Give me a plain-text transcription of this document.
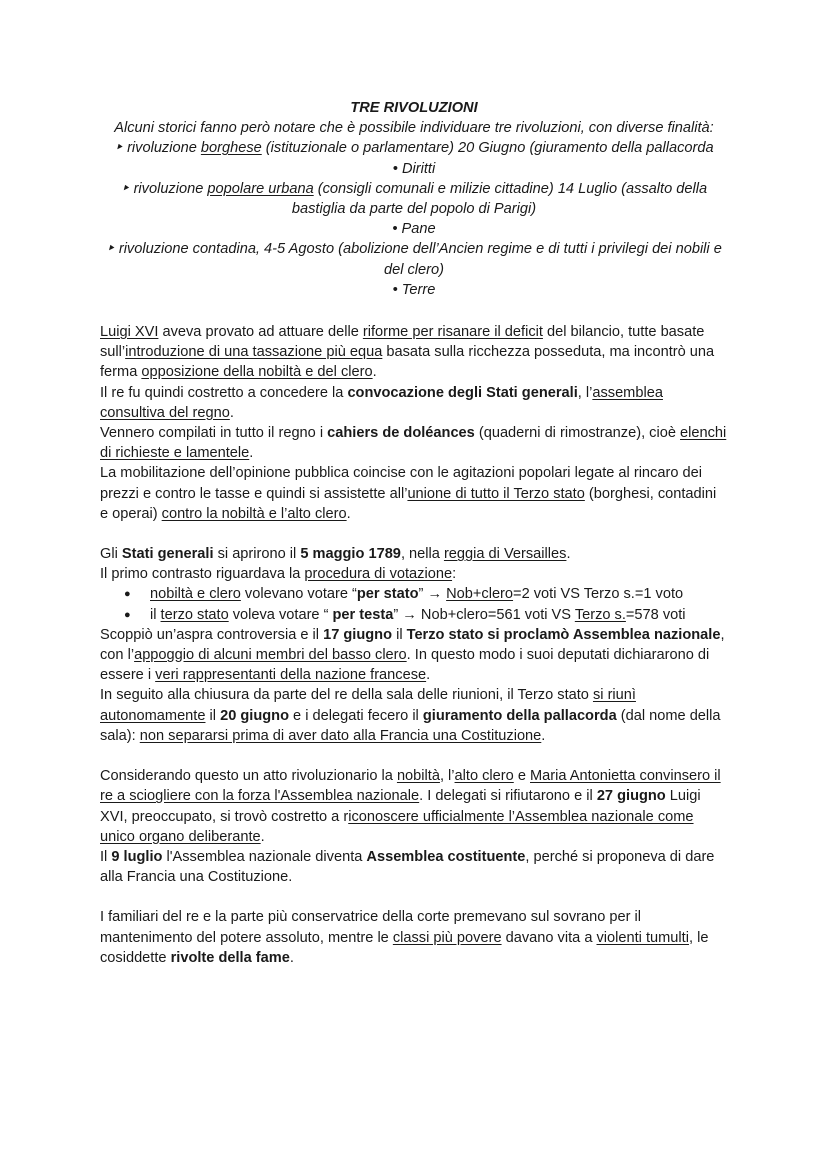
TRE RIVOLUZIONI

Alcuni storici fanno però notare che è possibile individuare tre rivoluzioni, con diverse finalità:

‣ rivoluzione borghese (istituzionale o parlamentare) 20 Giugno (giuramento della pallacorda

• Diritti

‣ rivoluzione popolare urbana (consigli comunali e milizie cittadine) 14 Luglio (assalto della bastiglia da parte del popolo di Parigi)

• Pane

‣ rivoluzione contadina, 4-5 Agosto (abolizione dell’Ancien regime e di tutti i privilegi dei nobili e del clero)

• Terre

Luigi XVI aveva provato ad attuare delle riforme per risanare il deficit del bilancio, tutte basate sull’introduzione di una tassazione più equa basata sulla ricchezza posseduta, ma incontrò una ferma opposizione della nobiltà e del clero.

Il re fu quindi costretto a concedere la convocazione degli Stati generali, l’assemblea consultiva del regno.

Vennero compilati in tutto il regno i cahiers de doléances (quaderni di rimostranze), cioè elenchi di richieste e lamentele.

La mobilitazione dell’opinione pubblica coincise con le agitazioni popolari legate al rincaro dei prezzi e contro le tasse e quindi si assistette all’unione di tutto il Terzo stato (borghesi, contadini e operai) contro la nobiltà e l’alto clero.

Gli Stati generali si aprirono il 5 maggio 1789, nella reggia di Versailles.

Il primo contrasto riguardava la procedura di votazione:

● nobiltà e clero volevano votare “per stato” → Nob+clero=2 voti VS Terzo s.=1 voto
● il terzo stato voleva votare “ per testa” → Nob+clero=561 voti VS Terzo s.=578 voti

Scoppiò un’aspra controversia e il 17 giugno il Terzo stato si proclamò Assemblea nazionale, con l’appoggio di alcuni membri del basso clero. In questo modo i suoi deputati dichiararono di essere i veri rappresentanti della nazione francese.

In seguito alla chiusura da parte del re della sala delle riunioni, il Terzo stato si riunì autonomamente il 20 giugno e i delegati fecero il giuramento della pallacorda (dal nome della sala): non separarsi prima di aver dato alla Francia una Costituzione.

Considerando questo un atto rivoluzionario la nobiltà, l’alto clero e Maria Antonietta convinsero il re a sciogliere con la forza l'Assemblea nazionale. I delegati si rifiutarono e il 27 giugno Luigi XVI, preoccupato, si trovò costretto a riconoscere ufficialmente l’Assemblea nazionale come unico organo deliberante.

Il 9 luglio l'Assemblea nazionale diventa Assemblea costituente, perché si proponeva di dare alla Francia una Costituzione.

I familiari del re e la parte più conservatrice della corte premevano sul sovrano per il mantenimento del potere assoluto, mentre le classi più povere davano vita a violenti tumulti, le cosiddette rivolte della fame.
